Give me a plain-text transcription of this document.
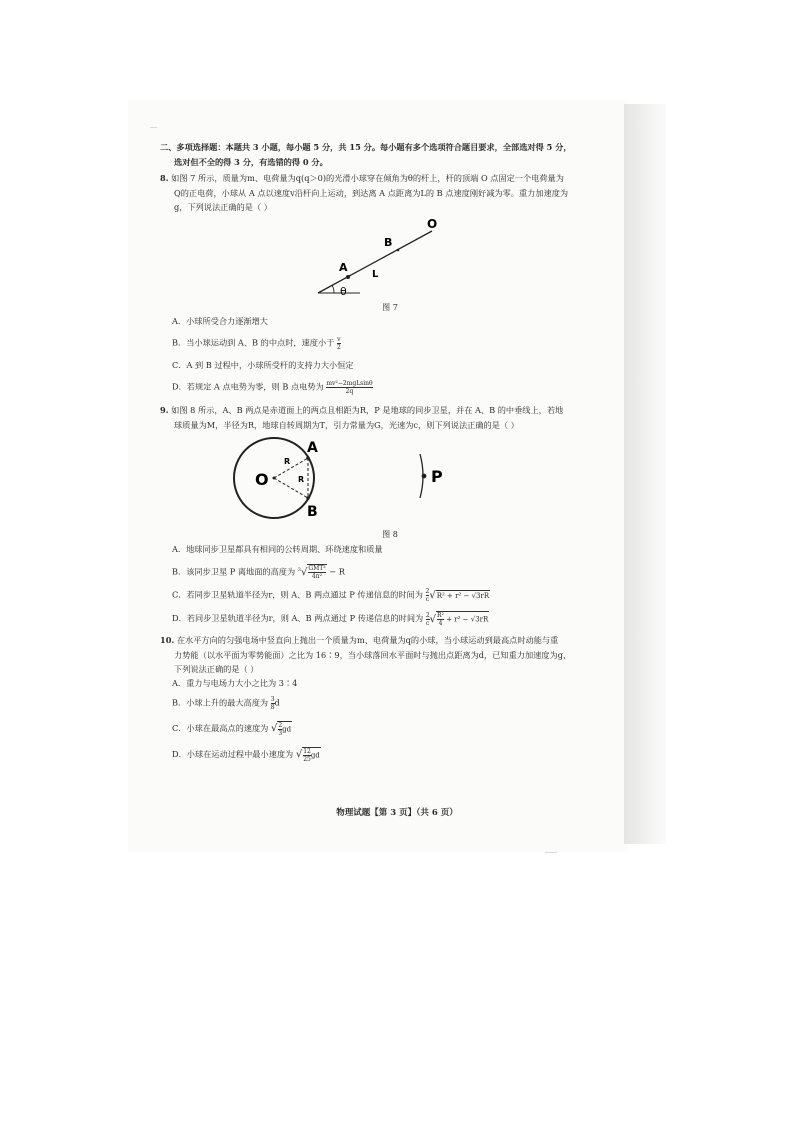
二、多项选择题：本题共 3 小题，每小题 5 分，共 15 分。每小题有多个选项符合题目要求，全部选对得 5 分，
选对但不全的得 3 分，有选错的得 0 分。
8. 如图 7 所示，质量为m、电荷量为q(q＞0)的光滑小球穿在倾角为θ的杆上，杆的顶端 O 点固定一个电荷量为
Q的正电荷，小球从 A 点以速度v沿杆向上运动，到达离 A 点距离为L的 B 点速度刚好减为零。重力加速度为
g，下列说法正确的是（ ）
O
B
A
L
θ

图 7

A．小球所受合力逐渐增大

B．当小球运动到 A、B 的中点时，速度小于 $\frac{v}{2}$

C．A 到 B 过程中，小球所受杆的支持力大小恒定

D．若规定 A 点电势为零，则 B 点电势为 $\frac{\text{mv²−2mgLsinθ}}{2q}$

9. 如图 8 所示，A、B 两点是赤道面上的两点且相距为R，P 是地球的同步卫星，并在 A、B 的中垂线上，若地
球质量为M，半径为R，地球自转周期为T，引力常量为G，光速为c，则下列说法正确的是（ ）
O
A
B
R
R	P

图 8

A．地球同步卫星都具有相同的公转周期、环绕速度和质量

B．该同步卫星 P 离地面的高度为 $^3√ \frac{\text{GMT²}}{\text{4π²}} - R$

C．若同步卫星轨道半径为r，则 A、B 两点通过 P 传递信息的时间为 $\frac{2}{c} √R^2 + r^2 - √3rR$

D．若同步卫星轨道半径为r，则 A、B 两点通过 P 传递信息的时间为 $\frac{2}{c}$ √ $\frac{\text{R²}}{4} + r^2 - √3rR$

10. 在水平方向的匀强电场中竖直向上抛出一个质量为m、电荷量为q的小球，当小球运动到最高点时动能与重
力势能（以水平面为零势能面）之比为 16∶9，当小球落回水平面时与抛出点距离为d，已知重力加速度为g，
下列说法正确的是（ ）

A．重力与电场力大小之比为 3∶4

B．小球上升的最大高度为 $\frac{3}{8}$ d

C．小球在最高点的速度为 √ $\frac{2}{3}$ gd

D．小球在运动过程中最小速度为 √ $\frac{12}{25}$ gd

物理试题【第 3 页】（共 6 页）
